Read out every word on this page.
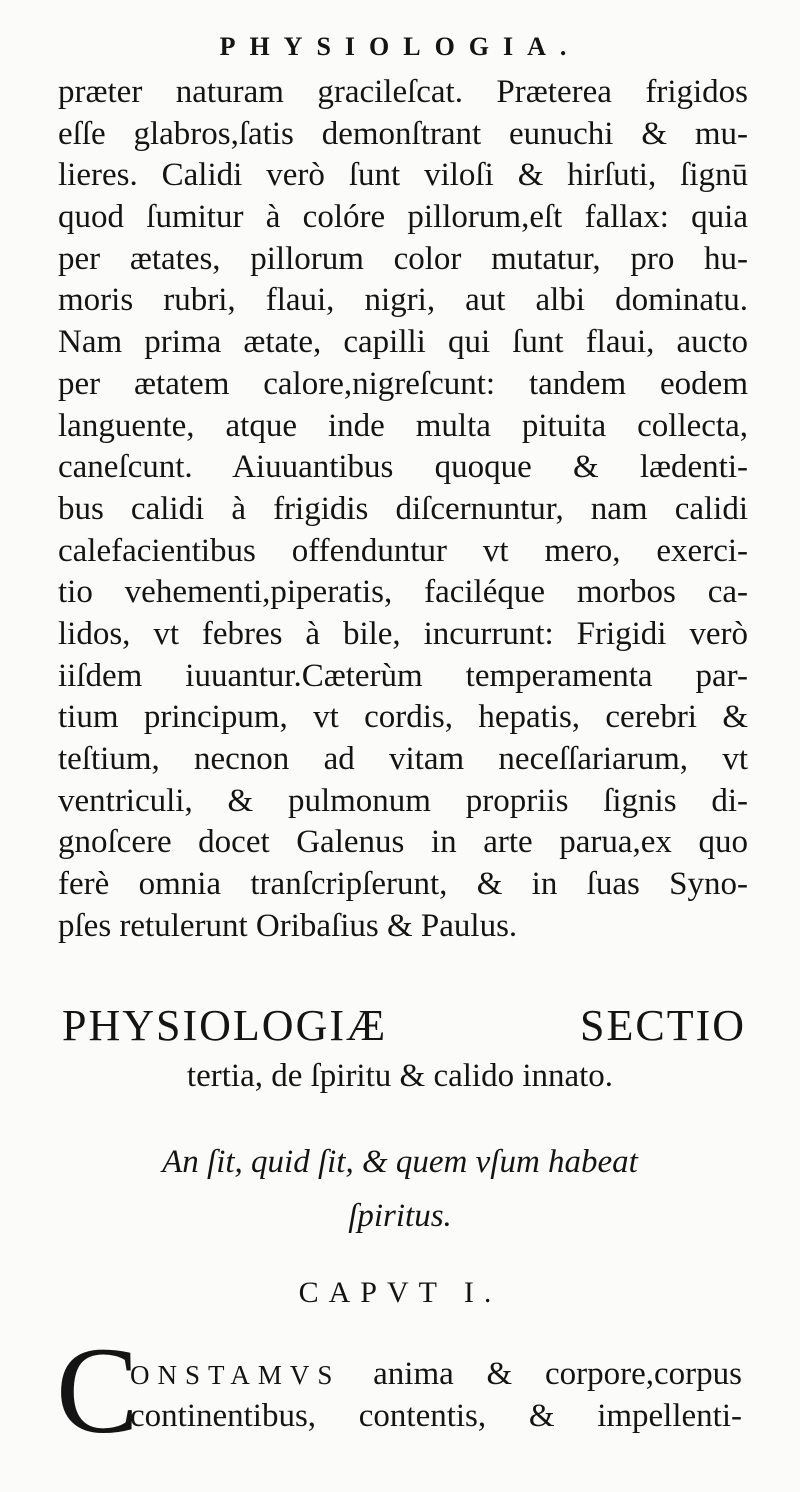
PHYSIOLOGIA.
præter naturam gracileſcat. Præterea frigidos
eſſe glabros,ſatis demonſtrant eunuchi & mu-
lieres. Calidi verò ſunt viloſi & hirſuti, ſignū
quod ſumitur à colóre pillorum,eſt fallax: quia
per ætates, pillorum color mutatur, pro hu-
moris rubri, flaui, nigri, aut albi dominatu.
Nam prima ætate, capilli qui ſunt flaui, aucto
per ætatem calore,nigreſcunt: tandem eodem
languente, atque inde multa pituita collecta,
caneſcunt. Aiuuantibus quoque & lædenti-
bus calidi à frigidis diſcernuntur, nam calidi
calefacientibus offenduntur vt mero, exerci-
tio vehementi,piperatis, faciléque morbos ca-
lidos, vt febres à bile, incurrunt: Frigidi verò
iiſdem iuuantur.Cæterùm temperamenta par-
tium principum, vt cordis, hepatis, cerebri &
teſtium, necnon ad vitam neceſſariarum, vt
ventriculi, & pulmonum propriis ſignis di-
gnoſcere docet Galenus in arte parua,ex quo
ferè omnia tranſcripſerunt, & in ſuas Syno-
pſes retulerunt Oribaſius & Paulus.
PHYSIOLOGIÆ SECTIO
tertia, de ſpiritu & calido innato.
An ſit, quid ſit, & quem vſum habeat
ſpiritus.
CAPVT I.
C
ONSTAMVS anima & corpore,corpus
continentibus, contentis, & impellenti-
